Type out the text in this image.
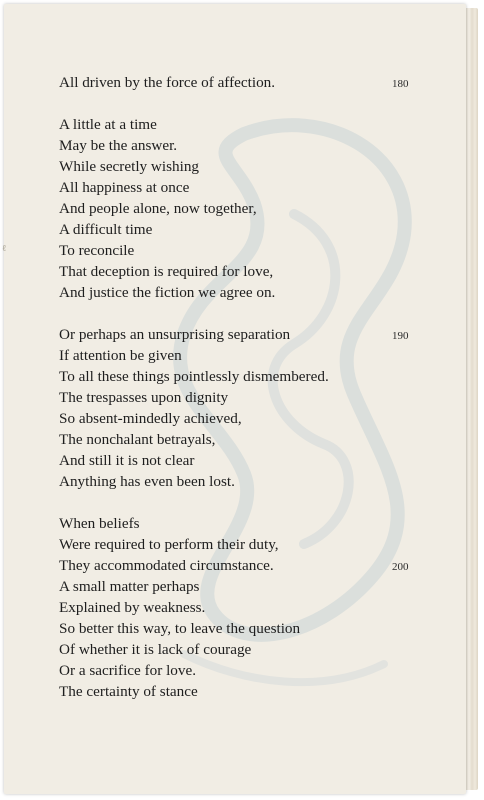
All driven by the force of affection.	180
A little at a time
May be the answer.
While secretly wishing
All happiness at once
And people alone, now together,
A difficult time
To reconcile
That deception is required for love,
And justice the fiction we agree on.
Or perhaps an unsurprising separation	190
If attention be given
To all these things pointlessly dismembered.
The trespasses upon dignity
So absent-mindedly achieved,
The nonchalant betrayals,
And still it is not clear
Anything has even been lost.
When beliefs
Were required to perform their duty,
They accommodated circumstance.	200
A small matter perhaps
Explained by weakness.
So better this way, to leave the question
Of whether it is lack of courage
Or a sacrifice for love.
The certainty of stance
ℓ
